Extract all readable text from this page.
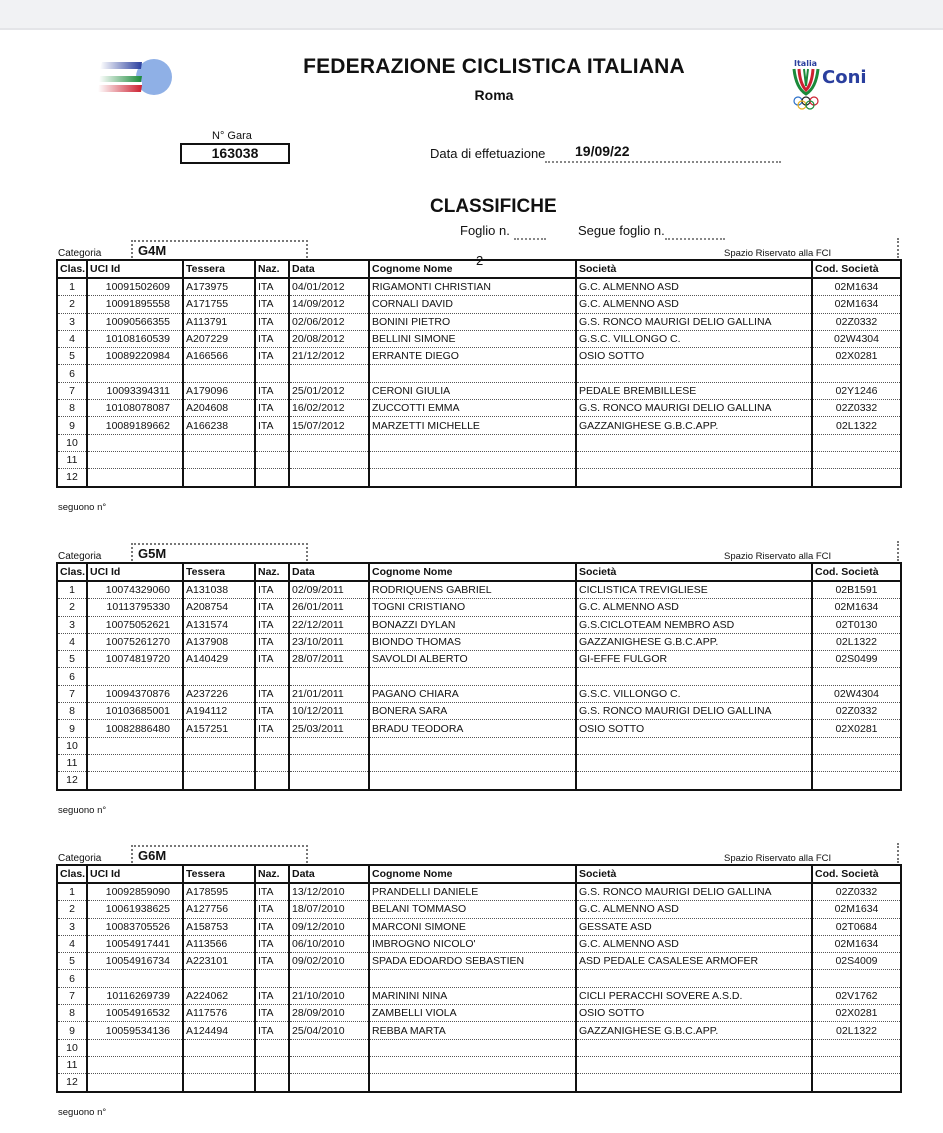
Italia
Coni
FEDERAZIONE CICLISTICA ITALIANA
Roma
N° Gara
163038	Data di effetuazione 19/09/22
CLASSIFICHE
Foglio n.	Segue foglio n.
2
Categoria	G4M	Spazio Riservato alla FCI
Clas.	UCI Id	Tessera	Naz.	Data	Cognome Nome	Società	Cod. Società
1	10091502609	A173975	ITA	04/01/2012	RIGAMONTI CHRISTIAN	G.C. ALMENNO ASD	02M1634
2	10091895558	A171755	ITA	14/09/2012	CORNALI DAVID	G.C. ALMENNO ASD	02M1634
3	10090566355	A113791	ITA	02/06/2012	BONINI PIETRO	G.S. RONCO MAURIGI DELIO GALLINA	02Z0332
4	10108160539	A207229	ITA	20/08/2012	BELLINI SIMONE	G.S.C. VILLONGO C.	02W4304
5	10089220984	A166566	ITA	21/12/2012	ERRANTE DIEGO	OSIO SOTTO	02X0281
6							
7	10093394311	A179096	ITA	25/01/2012	CERONI GIULIA	PEDALE BREMBILLESE	02Y1246
8	10108078087	A204608	ITA	16/02/2012	ZUCCOTTI EMMA	G.S. RONCO MAURIGI DELIO GALLINA	02Z0332
9	10089189662	A166238	ITA	15/07/2012	MARZETTI MICHELLE	GAZZANIGHESE G.B.C.APP.	02L1322
10							
11							
12							
seguono n°
Categoria	G5M	Spazio Riservato alla FCI
Clas.	UCI Id	Tessera	Naz.	Data	Cognome Nome	Società	Cod. Società
1	10074329060	A131038	ITA	02/09/2011	RODRIQUENS GABRIEL	CICLISTICA TREVIGLIESE	02B1591
2	10113795330	A208754	ITA	26/01/2011	TOGNI CRISTIANO	G.C. ALMENNO ASD	02M1634
3	10075052621	A131574	ITA	22/12/2011	BONAZZI DYLAN	G.S.CICLOTEAM NEMBRO ASD	02T0130
4	10075261270	A137908	ITA	23/10/2011	BIONDO THOMAS	GAZZANIGHESE G.B.C.APP.	02L1322
5	10074819720	A140429	ITA	28/07/2011	SAVOLDI ALBERTO	GI-EFFE FULGOR	02S0499
6							
7	10094370876	A237226	ITA	21/01/2011	PAGANO CHIARA	G.S.C. VILLONGO C.	02W4304
8	10103685001	A194112	ITA	10/12/2011	BONERA SARA	G.S. RONCO MAURIGI DELIO GALLINA	02Z0332
9	10082886480	A157251	ITA	25/03/2011	BRADU TEODORA	OSIO SOTTO	02X0281
10							
11							
12							
seguono n°
Categoria	G6M	Spazio Riservato alla FCI
Clas.	UCI Id	Tessera	Naz.	Data	Cognome Nome	Società	Cod. Società
1	10092859090	A178595	ITA	13/12/2010	PRANDELLI DANIELE	G.S. RONCO MAURIGI DELIO GALLINA	02Z0332
2	10061938625	A127756	ITA	18/07/2010	BELANI TOMMASO	G.C. ALMENNO ASD	02M1634
3	10083705526	A158753	ITA	09/12/2010	MARCONI SIMONE	GESSATE ASD	02T0684
4	10054917441	A113566	ITA	06/10/2010	IMBROGNO NICOLO'	G.C. ALMENNO ASD	02M1634
5	10054916734	A223101	ITA	09/02/2010	SPADA EDOARDO SEBASTIEN	ASD PEDALE CASALESE ARMOFER	02S4009
6							
7	10116269739	A224062	ITA	21/10/2010	MARININI NINA	CICLI PERACCHI SOVERE A.S.D.	02V1762
8	10054916532	A117576	ITA	28/09/2010	ZAMBELLI VIOLA	OSIO SOTTO	02X0281
9	10059534136	A124494	ITA	25/04/2010	REBBA MARTA	GAZZANIGHESE G.B.C.APP.	02L1322
10							
11							
12							
seguono n°
